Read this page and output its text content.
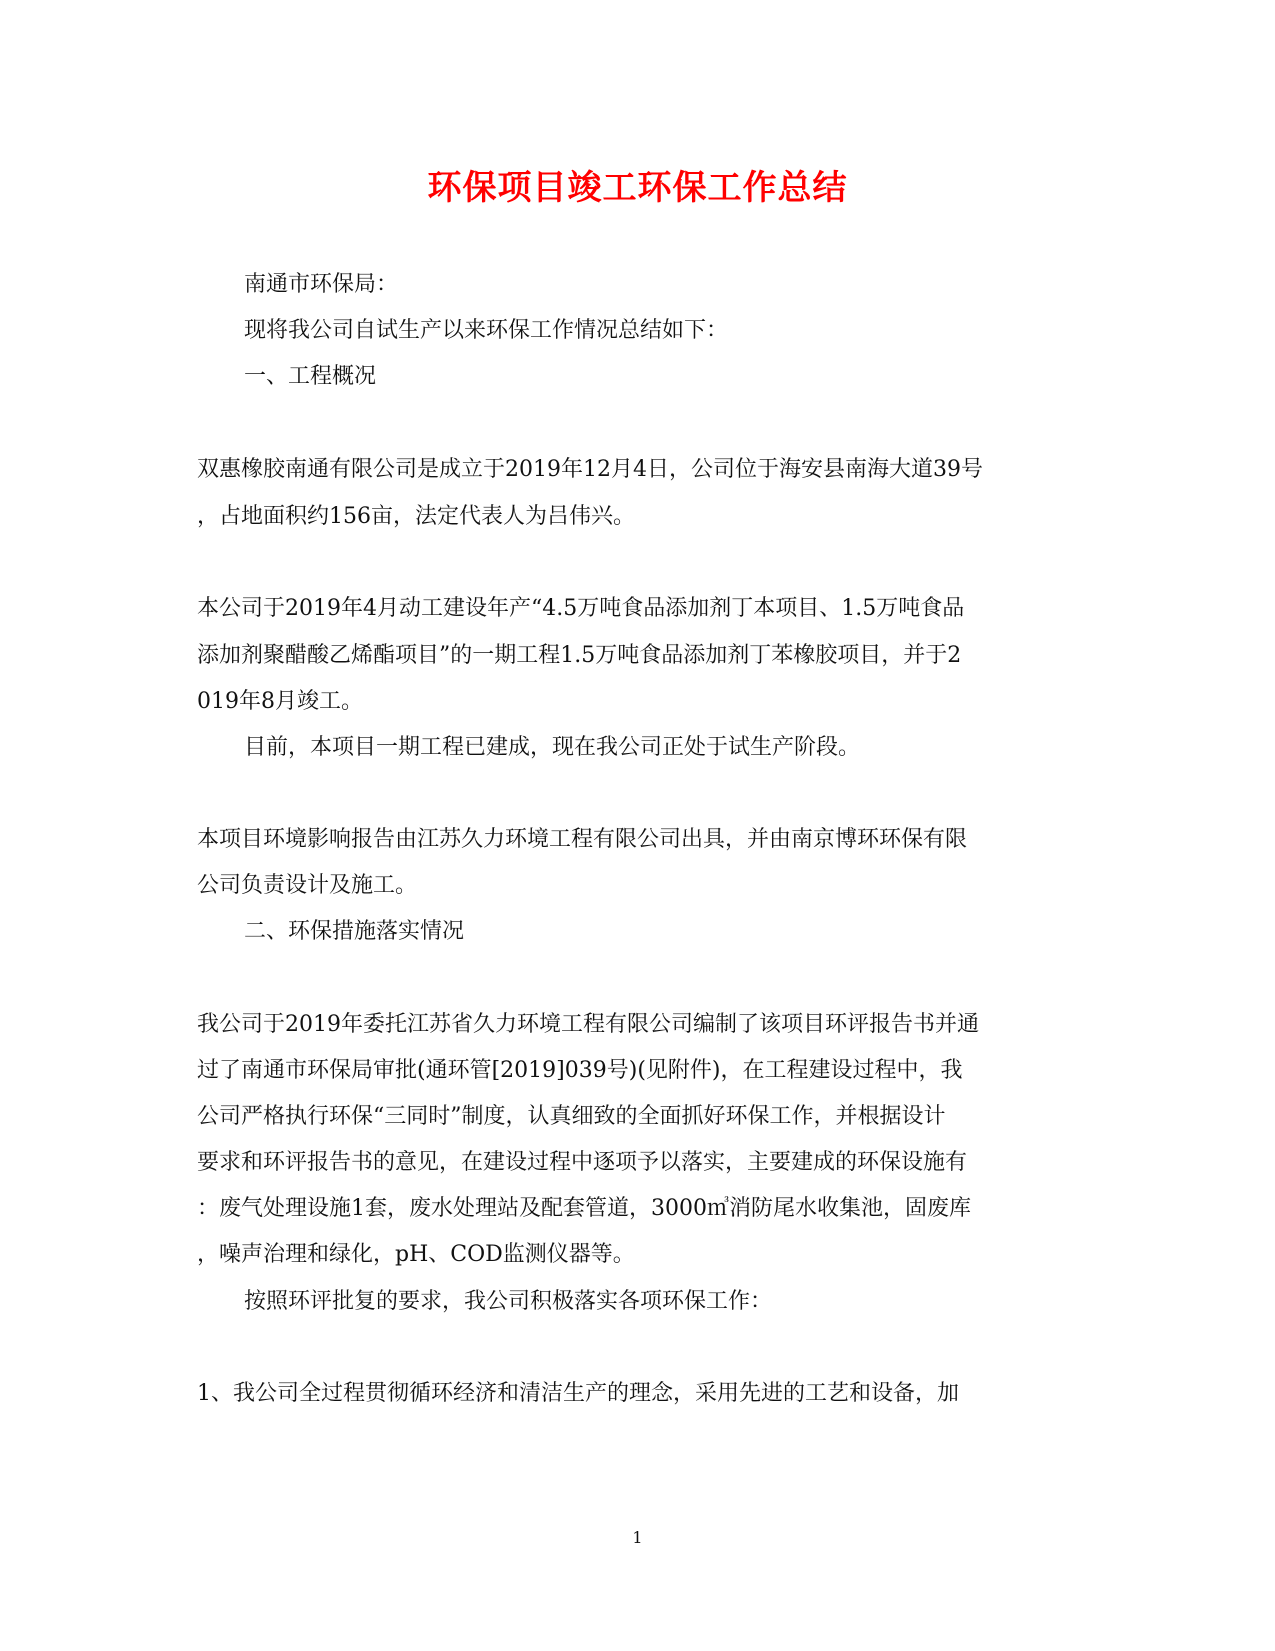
环保项目竣工环保工作总结

南通市环保局：

现将我公司自试生产以来环保工作情况总结如下：

一、工程概况

双惠橡胶南通有限公司是成立于2019年12月4日，公司位于海安县南海大道39号

，占地面积约156亩，法定代表人为吕伟兴。

本公司于2019年4月动工建设年产“4.5万吨食品添加剂丁本项目、1.5万吨食品

添加剂聚醋酸乙烯酯项目”的一期工程1.5万吨食品添加剂丁苯橡胶项目，并于2

019年8月竣工。

目前，本项目一期工程已建成，现在我公司正处于试生产阶段。

本项目环境影响报告由江苏久力环境工程有限公司出具，并由南京博环环保有限

公司负责设计及施工。

二、环保措施落实情况

我公司于2019年委托江苏省久力环境工程有限公司编制了该项目环评报告书并通

过了南通市环保局审批(通环管[2019]039号)(见附件)，在工程建设过程中，我

公司严格执行环保“三同时”制度，认真细致的全面抓好环保工作，并根据设计

要求和环评报告书的意见，在建设过程中逐项予以落实，主要建成的环保设施有

：废气处理设施1套，废水处理站及配套管道，3000㎥消防尾水收集池，固废库

，噪声治理和绿化，pH、COD监测仪器等。

按照环评批复的要求，我公司积极落实各项环保工作：

1、我公司全过程贯彻循环经济和清洁生产的理念，采用先进的工艺和设备，加

1
